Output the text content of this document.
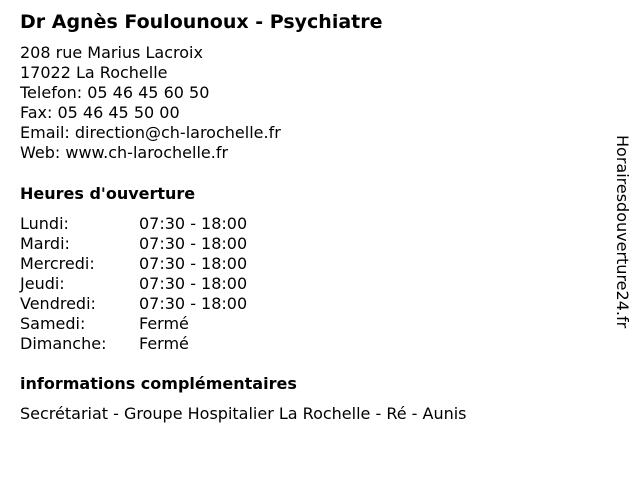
Dr Agnès Foulounoux - Psychiatre
208 rue Marius Lacroix
17022 La Rochelle
Telefon: 05 46 45 60 50
Fax: 05 46 45 50 00
Email: direction@ch-larochelle.fr
Web: www.ch-larochelle.fr
Heures d'ouverture
Lundi:	07:30 - 18:00
Mardi:	07:30 - 18:00
Mercredi:	07:30 - 18:00
Jeudi:	07:30 - 18:00
Vendredi:	07:30 - 18:00
Samedi:	Fermé
Dimanche: Fermé
informations complémentaires
Secrétariat - Groupe Hospitalier La Rochelle - Ré - Aunis
Horairesdouverture24.fr
